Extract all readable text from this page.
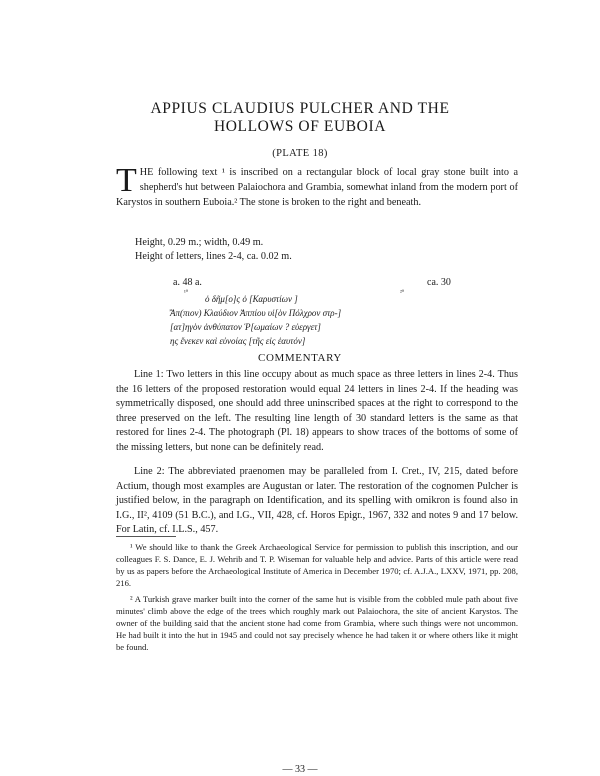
APPIUS CLAUDIUS PULCHER AND THE
HOLLOWS OF EUBOIA
(PLATE 18)
THE following text ¹ is inscribed on a rectangular block of local gray stone built into a shepherd's hut between Palaiochora and Grambia, somewhat inland from the modern port of Karystos in southern Euboia.² The stone is broken to the right and beneath.
Height, 0.29 m.; width, 0.49 m.
Height of letters, lines 2-4, ca. 0.02 m.
a. 48 a.	ca. 30
¹⁰	²⁰
ὁ δῆμ[ο]ς ὁ [Καρυστίων ]
Ἄπ(πιον) Κλαύδιον Ἀππίου υἱ[ὸν Πόλχρον στρ-]
[ατ]ηγὸν ἀνθύπατον Ῥ[ωμαίων ? εὐεργετ]
ης ἕνεκεν καὶ εὐνοίας [τῆς εἰς ἑαυτόν]
COMMENTARY
Line 1: Two letters in this line occupy about as much space as three letters in lines 2-4. Thus the 16 letters of the proposed restoration would equal 24 letters in lines 2-4. If the heading was symmetrically disposed, one should add three uninscribed spaces at the right to correspond to the three preserved on the left. The resulting line length of 30 standard letters is the same as that restored for lines 2-4. The photograph (Pl. 18) appears to show traces of the bottoms of some of the missing letters, but none can be definitely read.
Line 2: The abbreviated praenomen may be paralleled from I. Cret., IV, 215, dated before Actium, though most examples are Augustan or later. The restoration of the cognomen Pulcher is justified below, in the paragraph on Identification, and its spelling with omikron is found also in I.G., II², 4109 (51 B.C.), and I.G., VII, 428, cf. Horos Epigr., 1967, 332 and notes 9 and 17 below. For Latin, cf. I.L.S., 457.
¹ We should like to thank the Greek Archaeological Service for permission to publish this inscription, and our colleagues F. S. Dance, E. J. Wehrib and T. P. Wiseman for valuable help and advice. Parts of this article were read by us as papers before the Archaeological Institute of America in December 1970; cf. A.J.A., LXXV, 1971, pp. 208, 216.
² A Turkish grave marker built into the corner of the same hut is visible from the cobbled mule path about five minutes' climb above the edge of the trees which roughly mark out Palaiochora, the site of ancient Karystos. The owner of the building said that the ancient stone had come from Grambia, where such things were not uncommon. He had built it into the hut in 1945 and could not say precisely whence he had taken it or where others like it might be found.
— 33 —
